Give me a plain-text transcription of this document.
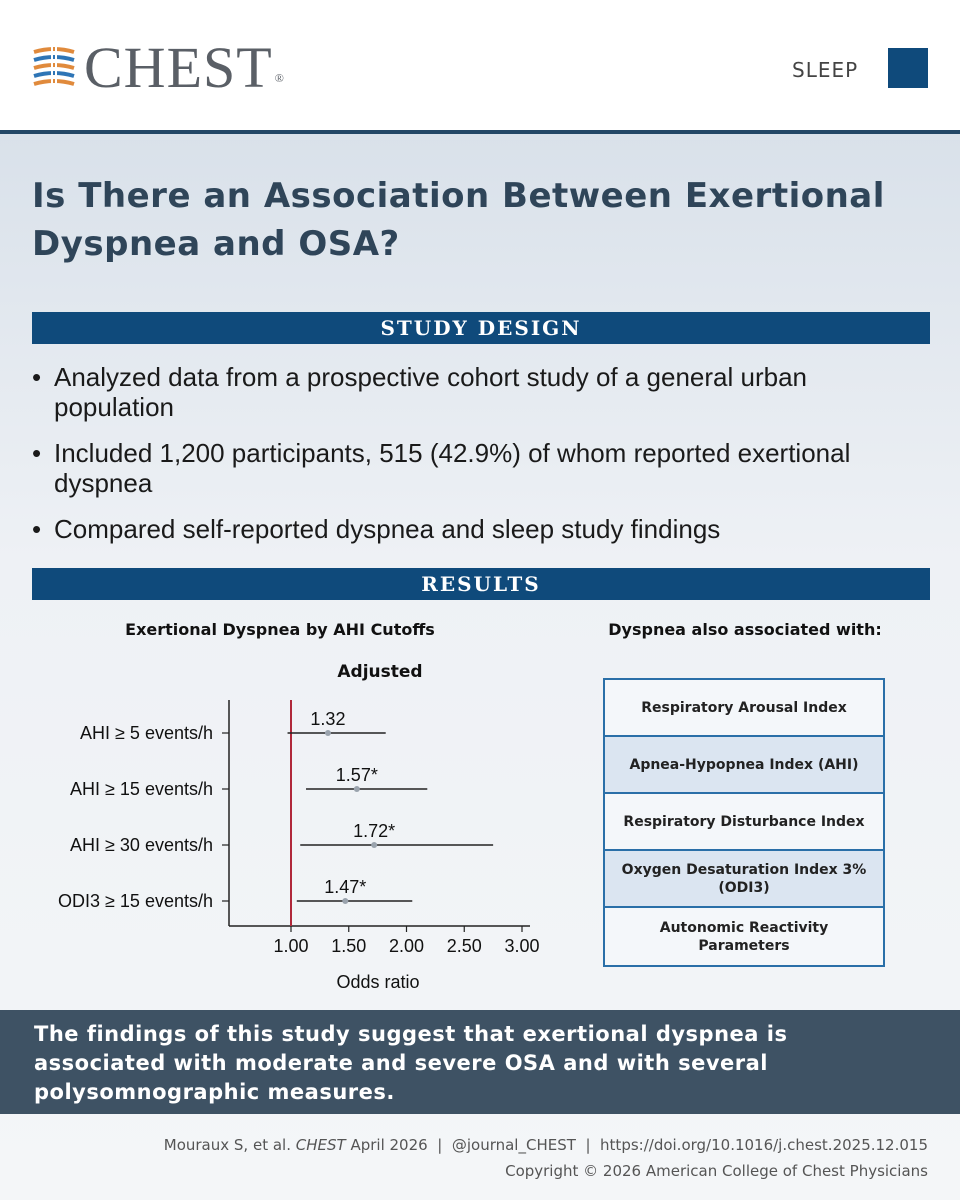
CHEST ®	SLEEP
Is There an Association Between Exertional Dyspnea and OSA?
STUDY DESIGN
• Analyzed data from a prospective cohort study of a general urban population
• Included 1,200 participants, 515 (42.9%) of whom reported exertional dyspnea
• Compared self-reported dyspnea and sleep study findings
RESULTS
Exertional Dyspnea by AHI Cutoffs
Adjusted
1.00 1.50 2.00 2.50 3.00
Odds ratio
AHI ≥ 5 events/h
1.32
AHI ≥ 15 events/h
1.57*
AHI ≥ 30 events/h
1.72*
ODI3 ≥ 15 events/h
1.47*
Dyspnea also associated with:
Respiratory Arousal Index
Apnea-Hypopnea Index (AHI)
Respiratory Disturbance Index
Oxygen Desaturation Index 3% (ODI3)
Autonomic Reactivity Parameters
The findings of this study suggest that exertional dyspnea is associated with moderate and severe OSA and with several polysomnographic measures.
Mouraux S, et al. CHEST April 2026 | @journal_CHEST | https://doi.org/10.1016/j.chest.2025.12.015
Copyright © 2026 American College of Chest Physicians
